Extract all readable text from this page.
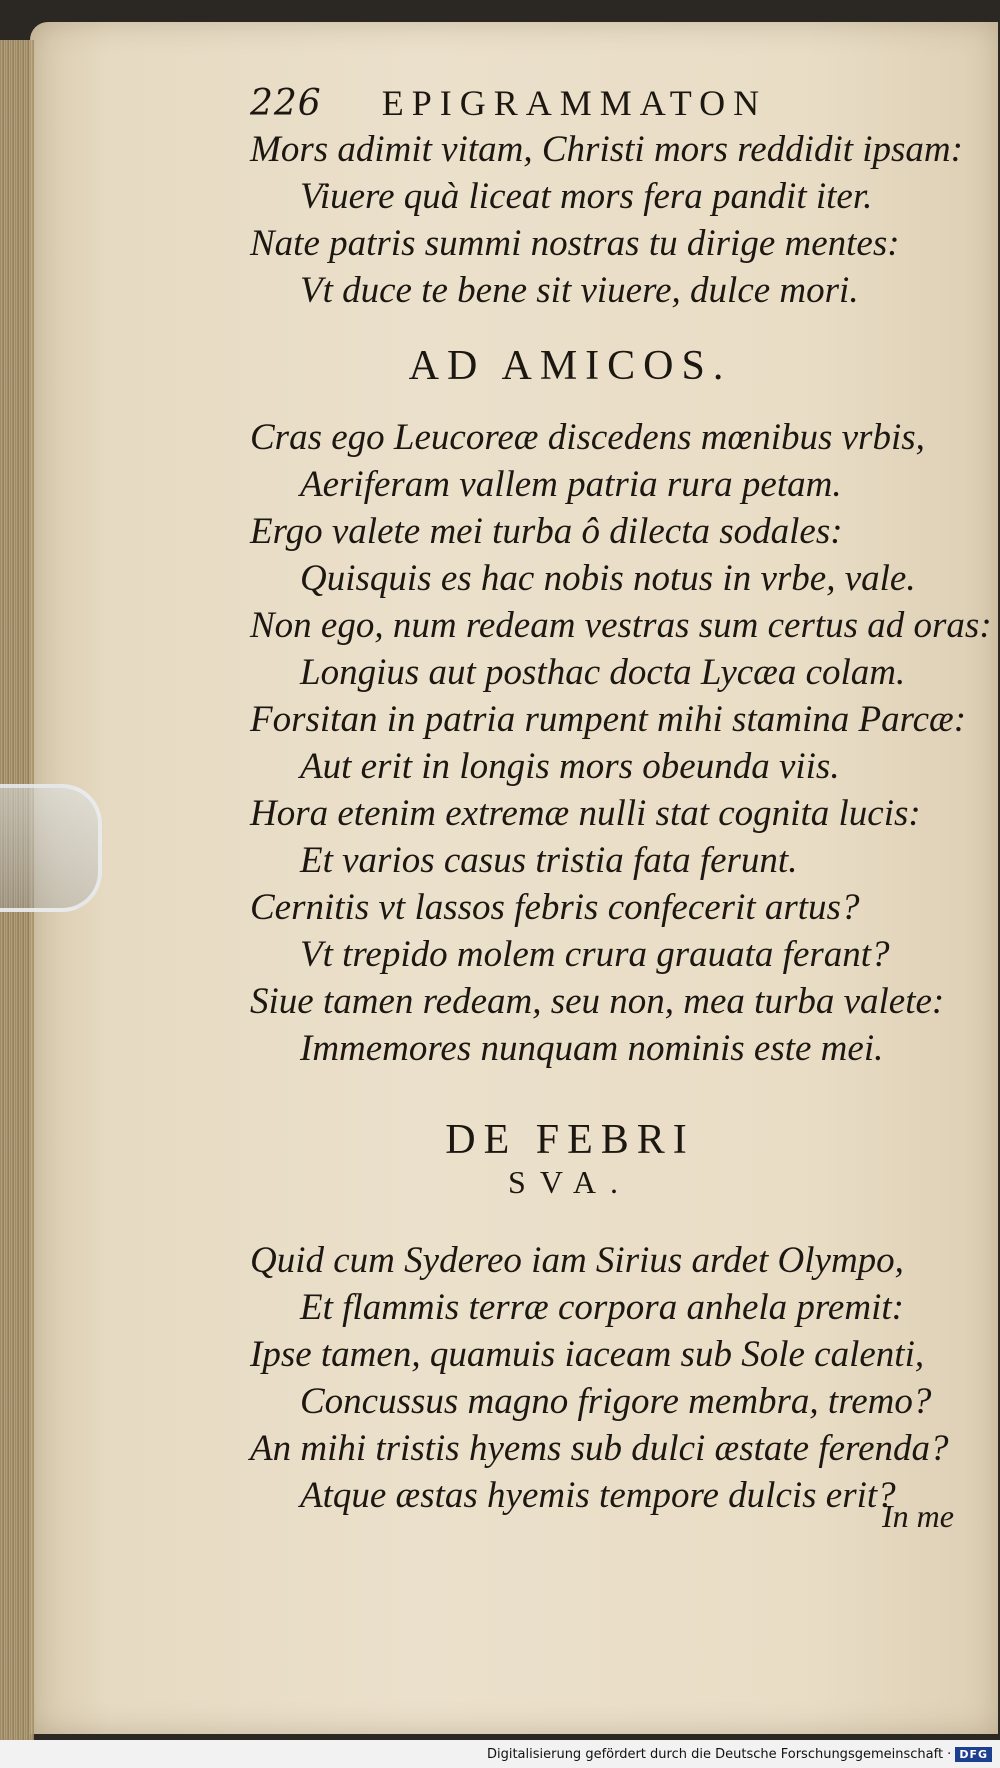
226 EPIGRAMMATON
Mors adimit vitam, Christi mors reddidit ipsam:
Viuere quà liceat mors fera pandit iter.
Nate patris summi nostras tu dirige mentes:
Vt duce te bene sit viuere, dulce mori.
AD AMICOS.
Cras ego Leucoreæ discedens mœnibus vrbis,
Aeriferam vallem patria rura petam.
Ergo valete mei turba ô dilecta sodales:
Quisquis es hac nobis notus in vrbe, vale.
Non ego, num redeam vestras sum certus ad oras:
Longius aut posthac docta Lycæa colam.
Forsitan in patria rumpent mihi stamina Parcæ:
Aut erit in longis mors obeunda viis.
Hora etenim extremæ nulli stat cognita lucis:
Et varios casus tristia fata ferunt.
Cernitis vt lassos febris confecerit artus?
Vt trepido molem crura grauata ferant?
Siue tamen redeam, seu non, mea turba valete:
Immemores nunquam nominis este mei.
DE FEBRI
SVA.
Quid cum Sydereo iam Sirius ardet Olympo,
Et flammis terræ corpora anhela premit:
Ipse tamen, quamuis iaceam sub Sole calenti,
Concussus magno frigore membra, tremo?
An mihi tristis hyems sub dulci æstate ferenda?
Atque æstas hyemis tempore dulcis erit?
In me
Digitalisierung gefördert durch die Deutsche Forschungsgemeinschaft · DFG
